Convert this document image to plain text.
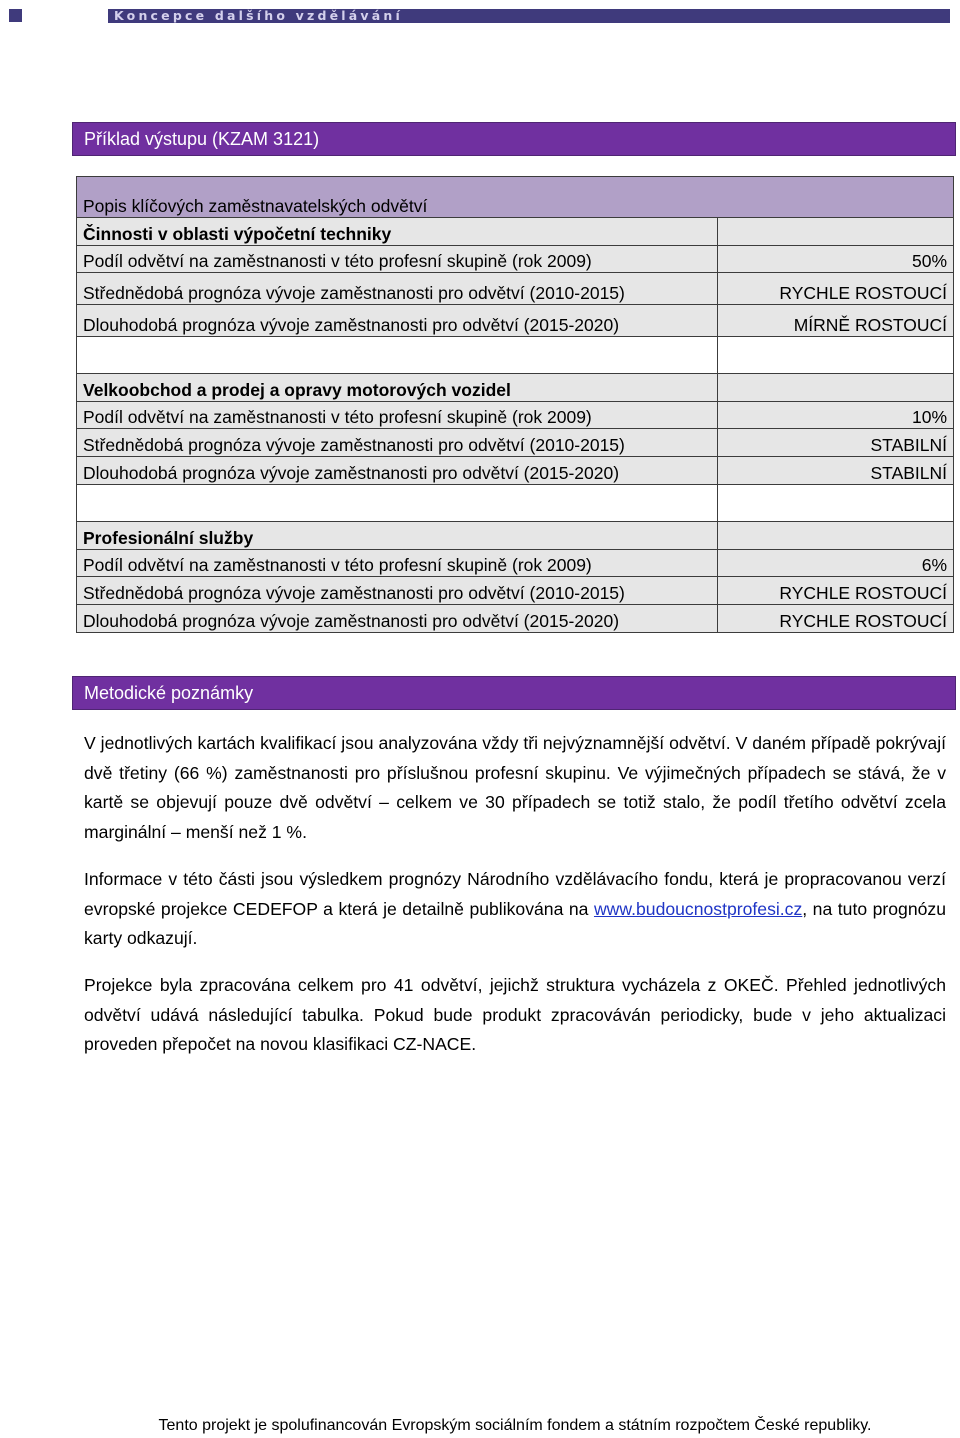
Koncepce dalšího vzdělávání
Příklad výstupu (KZAM 3121)
Popis klíčových zaměstnavatelských odvětví	
Činnosti v oblasti výpočetní techniky	
Podíl odvětví na zaměstnanosti v této profesní skupině (rok 2009)	50%
Střednědobá prognóza vývoje zaměstnanosti pro odvětví (2010-2015)	RYCHLE ROSTOUCÍ
Dlouhodobá prognóza vývoje zaměstnanosti pro odvětví (2015-2020)	MÍRNĚ ROSTOUCÍ

Velkoobchod a prodej a opravy motorových vozidel	
Podíl odvětví na zaměstnanosti v této profesní skupině (rok 2009)	10%
Střednědobá prognóza vývoje zaměstnanosti pro odvětví (2010-2015)	STABILNÍ
Dlouhodobá prognóza vývoje zaměstnanosti pro odvětví (2015-2020)	STABILNÍ

Profesionální služby	
Podíl odvětví na zaměstnanosti v této profesní skupině (rok 2009)	6%
Střednědobá prognóza vývoje zaměstnanosti pro odvětví (2010-2015)	RYCHLE ROSTOUCÍ
Dlouhodobá prognóza vývoje zaměstnanosti pro odvětví (2015-2020)	RYCHLE ROSTOUCÍ
Metodické poznámky

V jednotlivých kartách kvalifikací jsou analyzována vždy tři nejvýznamnější odvětví. V daném případě pokrývají dvě třetiny (66 %) zaměstnanosti pro příslušnou profesní skupinu. Ve výjimečných případech se stává, že v kartě se objevují pouze dvě odvětví – celkem ve 30 případech se totiž stalo, že podíl třetího odvětví zcela marginální – menší než 1 %.

Informace v této části jsou výsledkem prognózy Národního vzdělávacího fondu, která je propracovanou verzí evropské projekce CEDEFOP a která je detailně publikována na www.budoucnostprofesi.cz, na tuto prognózu karty odkazují.

Projekce byla zpracována celkem pro 41 odvětví, jejichž struktura vycházela z OKEČ. Přehled jednotlivých odvětví udává následující tabulka. Pokud bude produkt zpracováván periodicky, bude v jeho aktualizaci proveden přepočet na novou klasifikaci CZ-NACE.

Tento projekt je spolufinancován Evropským sociálním fondem a státním rozpočtem České republiky.
